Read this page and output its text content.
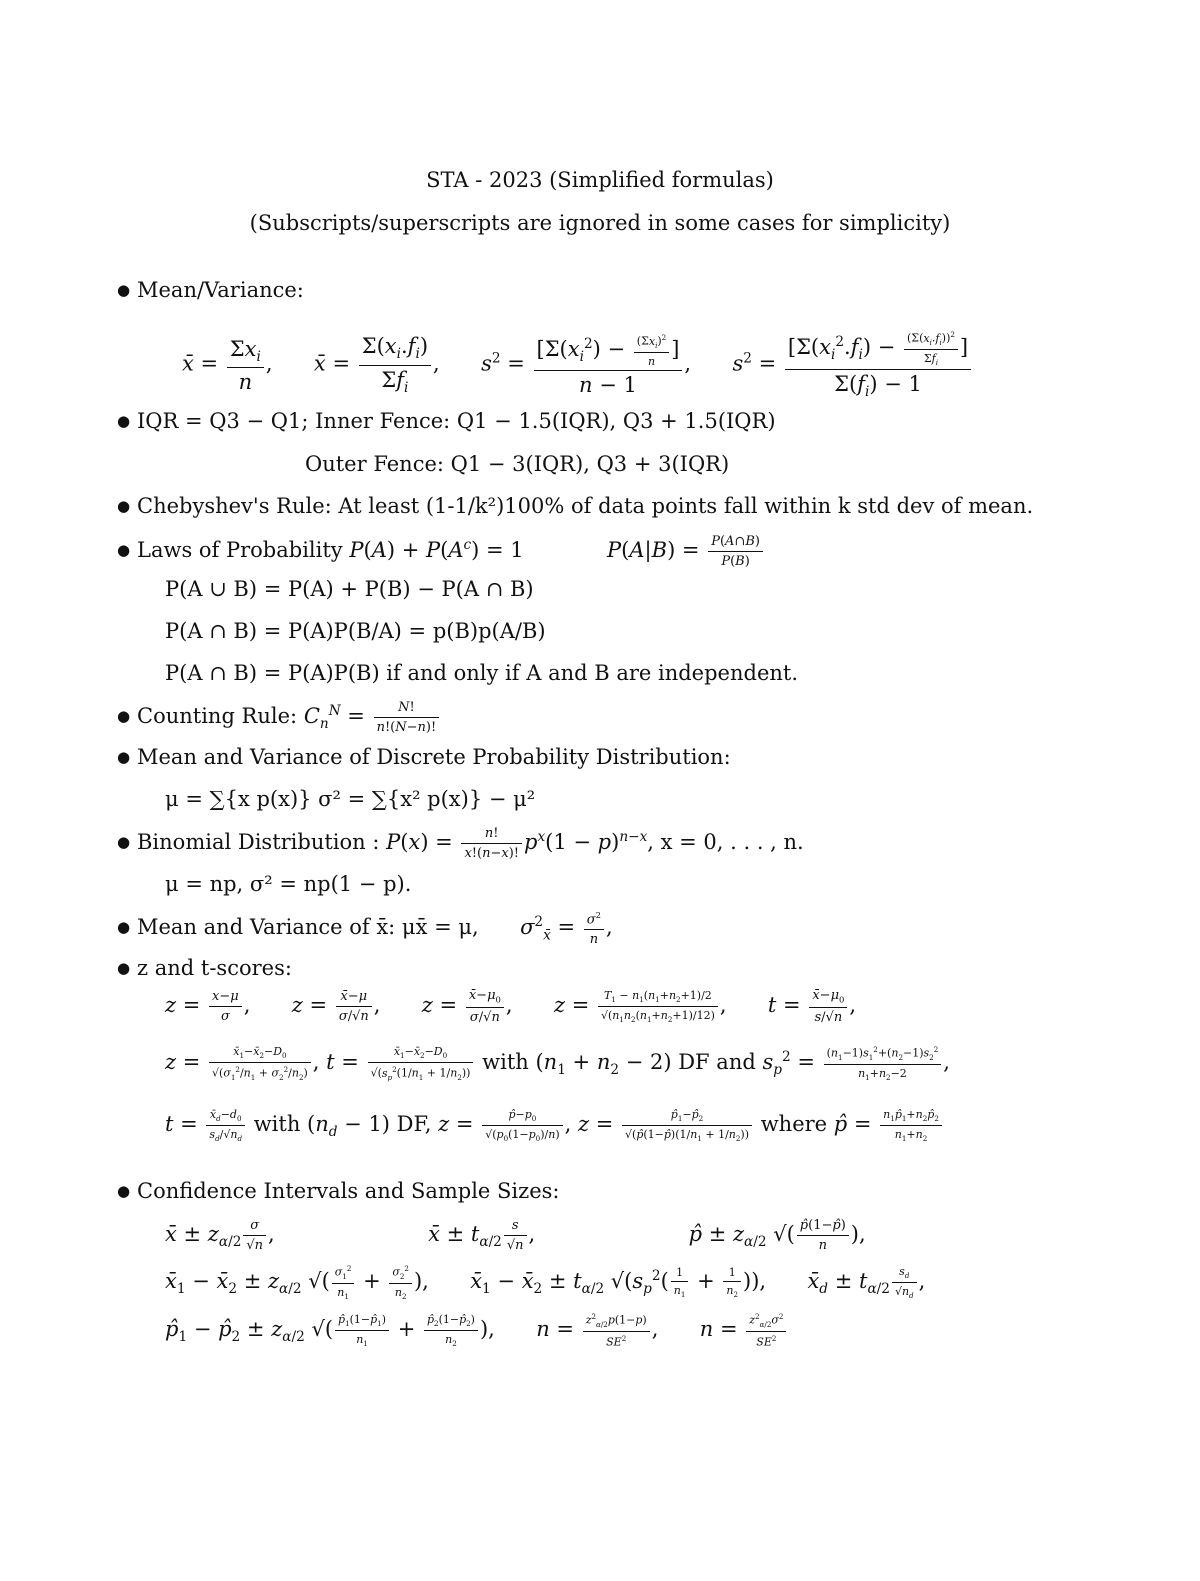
STA - 2023 (Simplified formulas)
(Subscripts/superscripts are ignored in some cases for simplicity)
● Mean/Variance:
x̄ = $\frac{\Sigma x_i}{n}$ ,  x̄ = $\frac{\Sigma(x_i.f_i)}{\Sigma f_i}$ ,  $s^2 = \frac{[\Sigma(x_i^2) - \frac{(\Sigma x_i)^2}{n} ]}{n - 1}$ ,  $s^2 = \frac{[\Sigma(x_i^2.f_i) - \frac{(\Sigma(x_i.f_i))^2}{\Sigma f_i} ]}{\Sigma(f_i) - 1}$
● IQR = Q3 − Q1; Inner Fence: Q1 − 1.5(IQR), Q3 + 1.5(IQR)
Outer Fence: Q1 − 3(IQR), Q3 + 3(IQR)
● Chebyshev's Rule: At least (1-1/k²)100% of data points fall within k std dev of mean.
● Laws of Probability $P(A) + P(A^c) = 1$	$P(A|B) = \frac{P(A\cap B)}{P(B)}$
P(A ∪ B) = P(A) + P(B) − P(A ∩ B)
P(A ∩ B) = P(A)P(B/A) = p(B)p(A/B)
P(A ∩ B) = P(A)P(B) if and only if A and B are independent.
● Counting Rule: $C_n^N = \frac{N!}{n!(N-n)!}$
● Mean and Variance of Discrete Probability Distribution:
μ = ∑{x p(x)} σ² = ∑{x² p(x)} − μ²
● Binomial Distribution : $P(x) = \frac{n!}{x!(n-x)!} p^x(1 - p)^{n-x}$, x = 0, . . . , n.
μ = np, σ² = np(1 − p).
● Mean and Variance of x̄: μx̄ = μ, $\sigma^2_{x̄} = \frac{\sigma^2}{n}$ ,
● z and t-scores:
$z = \frac{x-\mu}{\sigma}$ ,  $z = \frac{x̄-\mu}{\sigma/√n}$ ,  $z = \frac{x̄-\mu_0}{\sigma/√n}$ ,  $z = \frac{T_1 - n_1(n_1+n_2+1)/2}{√(n_1n_2(n_1+n_2+1)/12)}$ ,  $t = \frac{x̄-\mu_0}{s/√n}$ ,
$z = \frac{x̄_1-x̄_2-D_0}{√(\sigma_1^2/n_1 + \sigma_2^2/n_2)}$ , $t = \frac{x̄_1-x̄_2-D_0}{√(s_p^2(1/n_1 + 1/n_2))}$ with $(n_1 + n_2 - 2)$ DF and $s_p^2 = \frac{(n_1-1)s_1^2+(n_2-1)s_2^2}{n_1+n_2-2}$ ,
$t = \frac{x̄_d-d_0}{s_d/√n_d}$ with $(n_d - 1)$ DF, $z = \frac{p̂-p_0}{√(p_0(1-p_0)/n)}$ , $z = \frac{p̂_1-p̂_2}{√(p̂(1-p̂)(1/n_1 + 1/n_2))}$ where p̂ = $\frac{n_1p̂_1+n_2p̂_2}{n_1+n_2}$
● Confidence Intervals and Sample Sizes:
x̄ ± $z_{\alpha/2} \frac{\sigma}{√n}$ ,	x̄ ± $t_{\alpha/2} \frac{s}{√n}$ ,	p̂ ± $z_{\alpha/2}$ √( $\frac{p̂(1-p̂)}{n}$ ),
$x̄_1$ − $x̄_2 \pm z_{\alpha/2}$ √( $\frac{\sigma_1^2}{n_1} + \frac{\sigma_2^2}{n_2}$ ),  $x̄_1$ − $x̄_2 \pm t_{\alpha/2}$ $√(s_p^2( \frac{1}{n_1} + \frac{1}{n_2}$ )),  $x̄_d \pm t_{\alpha/2} \frac{s_d}{√n_d}$ ,
$p̂_1$ − $p̂_2 \pm z_{\alpha/2}$ √( $\frac{p̂_1(1-p̂_1)}{n_1} + \frac{p̂_2(1-p̂_2)}{n_2}$ ),  $n = \frac{z^2_{\alpha/2}p(1-p)}{SE^2}$ ,  $n = \frac{z^2_{\alpha/2}\sigma^2}{SE^2}$
